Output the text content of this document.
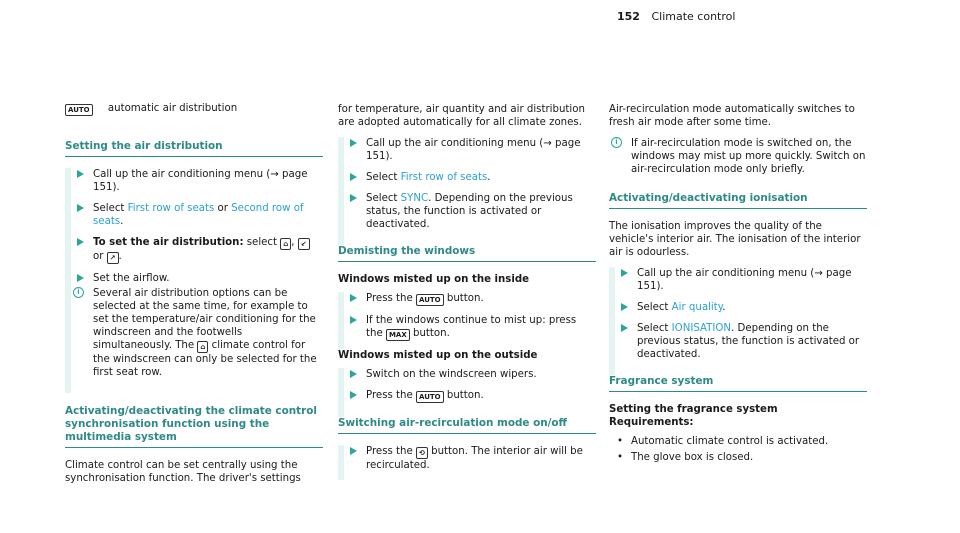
152 Climate control
AUTO automatic air distribution
Setting the air distribution
Call up the air conditioning menu (→ page 151).
Select First row of seats or Second row of seats.
To set the air distribution: select ⌂ , ↙ or ↗ .
Set the airflow.
i	Several air distribution options can be selected at the same time, for example to set the temperature/air conditioning for the windscreen and the footwells simultaneously. The ⌂ climate control for the windscreen can only be selected for the first seat row.
Activating/deactivating the climate control synchronisation function using the multimedia system

Climate control can be set centrally using the synchronisation function. The driver's settings

for temperature, air quantity and air distribution are adopted automatically for all climate zones.

Call up the air conditioning menu (→ page 151).
Select First row of seats.
Select SYNC. Depending on the previous status, the function is activated or deactivated.
Demisting the windows
Windows misted up on the inside
Press the AUTO button.
If the windows continue to mist up: press the MAX button.
Windows misted up on the outside
Switch on the windscreen wipers.
Press the AUTO button.
Switching air-recirculation mode on/off
Press the ⟲ button. The interior air will be recirculated.

Air-recirculation mode automatically switches to fresh air mode after some time.

i	If air-recirculation mode is switched on, the windows may mist up more quickly. Switch on air-recirculation mode only briefly.
Activating/deactivating ionisation

The ionisation improves the quality of the vehicle's interior air. The ionisation of the interior air is odourless.

Call up the air conditioning menu (→ page 151).
Select Air quality.
Select IONISATION. Depending on the previous status, the function is activated or deactivated.
Fragrance system
Setting the fragrance system
Requirements:
• Automatic climate control is activated.
• The glove box is closed.
